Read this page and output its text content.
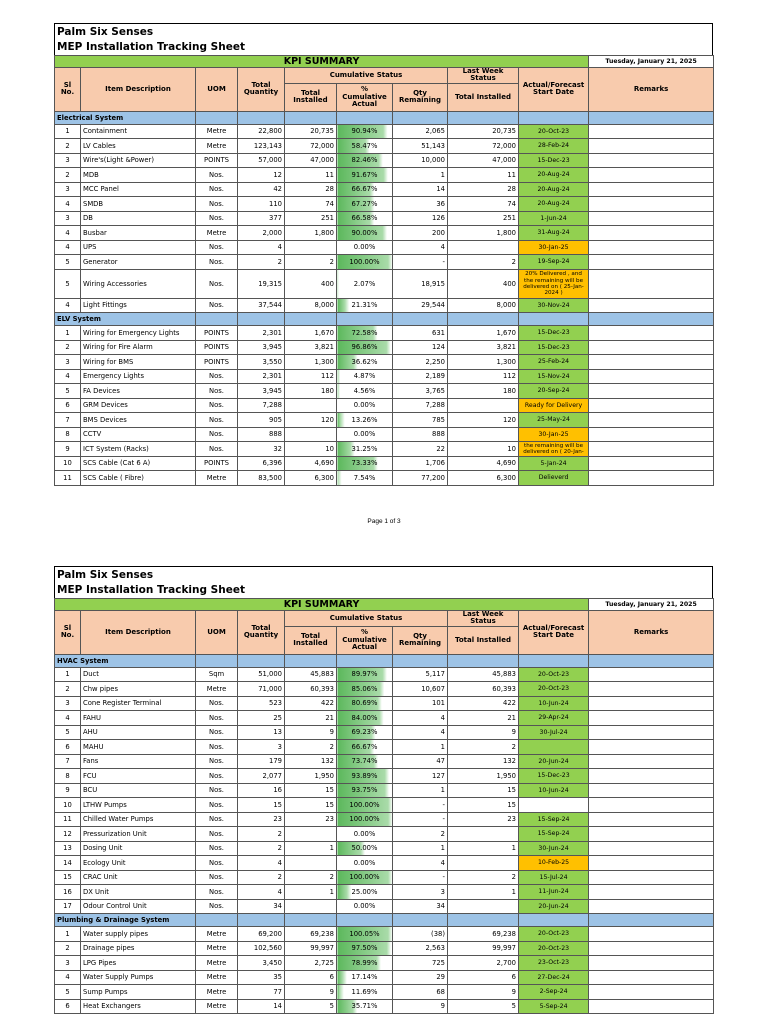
Palm Six Senses
MEP Installation Tracking Sheet
KPI SUMMARY									Tuesday, January 21, 2025
Sl No.	Item Description	UOM	Total Quantity	Cumulative Status			Last Week Status	Actual/Forecast Start Date	Remarks
				Total Installed	% Cumulative Actual	Qty Remaining	Total Installed		
Electrical System									
1	Containment	Metre	22,800	20,735	90.94%	2,065	20,735	20-Oct-23	
2	LV Cables	Metre	123,143	72,000	58.47%	51,143	72,000	28-Feb-24	
3	Wire's(Light &Power)	POINTS	57,000	47,000	82.46%	10,000	47,000	15-Dec-23	
2	MDB	Nos.	12	11	91.67%	1	11	20-Aug-24	
3	MCC Panel	Nos.	42	28	66.67%	14	28	20-Aug-24	
4	SMDB	Nos.	110	74	67.27%	36	74	20-Aug-24	
3	DB	Nos.	377	251	66.58%	126	251	1-Jun-24	
4	Busbar	Metre	2,000	1,800	90.00%	200	1,800	31-Aug-24	
4	UPS	Nos.	4		0.00%	4		30-Jan-25	
5	Generator	Nos.	2	2	100.00%	-	2	19-Sep-24	
5	Wiring Accessories	Nos.	19,315	400	2.07%	18,915	400	20% Delivered , and the remaining will be delivered on ( 25-Jan-2024 )	
4	Light Fittings	Nos.	37,544	8,000	21.31%	29,544	8,000	30-Nov-24	
ELV System									
1	Wiring for Emergency Lights	POINTS	2,301	1,670	72.58%	631	1,670	15-Dec-23	
2	Wiring for Fire Alarm	POINTS	3,945	3,821	96.86%	124	3,821	15-Dec-23	
3	Wiring for BMS	POINTS	3,550	1,300	36.62%	2,250	1,300	25-Feb-24	
4	Emergency Lights	Nos.	2,301	112	4.87%	2,189	112	15-Nov-24	
5	FA Devices	Nos.	3,945	180	4.56%	3,765	180	20-Sep-24	
6	GRM Devices	Nos.	7,288		0.00%	7,288		Ready for Delivery	
7	BMS Devices	Nos.	905	120	13.26%	785	120	25-May-24	
8	CCTV	Nos.	888		0.00%	888		30-Jan-25	
9	ICT System (Racks)	Nos.	32	10	31.25%	22	10	the remaining will be delivered on ( 20-Jan-	
10	SCS Cable (Cat 6 A)	POINTS	6,396	4,690	73.33%	1,706	4,690	5-Jan-24	
11	SCS Cable ( Fibre)	Metre	83,500	6,300	7.54%	77,200	6,300	Delieverd	
Page 1 of 3
Palm Six Senses
MEP Installation Tracking Sheet
KPI SUMMARY									Tuesday, January 21, 2025
Sl No.	Item Description	UOM	Total Quantity	Cumulative Status			Last Week Status	Actual/Forecast Start Date	Remarks
				Total Installed	% Cumulative Actual	Qty Remaining	Total Installed		
HVAC System									
1	Duct	Sqm	51,000	45,883	89.97%	5,117	45,883	20-Oct-23	
2	Chw pipes	Metre	71,000	60,393	85.06%	10,607	60,393	20-Oct-23	
3	Cone Register Terminal	Nos.	523	422	80.69%	101	422	10-Jun-24	
4	FAHU	Nos.	25	21	84.00%	4	21	29-Apr-24	
5	AHU	Nos.	13	9	69.23%	4	9	30-Jul-24	
6	MAHU	Nos.	3	2	66.67%	1	2		
7	Fans	Nos.	179	132	73.74%	47	132	20-Jun-24	
8	FCU	Nos.	2,077	1,950	93.89%	127	1,950	15-Dec-23	
9	BCU	Nos.	16	15	93.75%	1	15	10-Jun-24	
10	LTHW Pumps	Nos.	15	15	100.00%	-	15		
11	Chilled Water Pumps	Nos.	23	23	100.00%	-	23	15-Sep-24	
12	Pressurization Unit	Nos.	2		0.00%	2		15-Sep-24	
13	Dosing Unit	Nos.	2	1	50.00%	1	1	30-Jun-24	
14	Ecology Unit	Nos.	4		0.00%	4		10-Feb-25	
15	CRAC Unit	Nos.	2	2	100.00%	-	2	15-Jul-24	
16	DX Unit	Nos.	4	1	25.00%	3	1	11-Jun-24	
17	Odour Control Unit	Nos.	34		0.00%	34		20-Jun-24	
Plumbing & Drainage System									
1	Water supply pipes	Metre	69,200	69,238	100.05%	(38)	69,238	20-Oct-23	
2	Drainage pipes	Metre	102,560	99,997	97.50%	2,563	99,997	20-Oct-23	
3	LPG Pipes	Metre	3,450	2,725	78.99%	725	2,700	23-Oct-23	
4	Water Supply Pumps	Metre	35	6	17.14%	29	6	27-Dec-24	
5	Sump Pumps	Metre	77	9	11.69%	68	9	2-Sep-24	
6	Heat Exchangers	Metre	14	5	35.71%	9	5	5-Sep-24	
